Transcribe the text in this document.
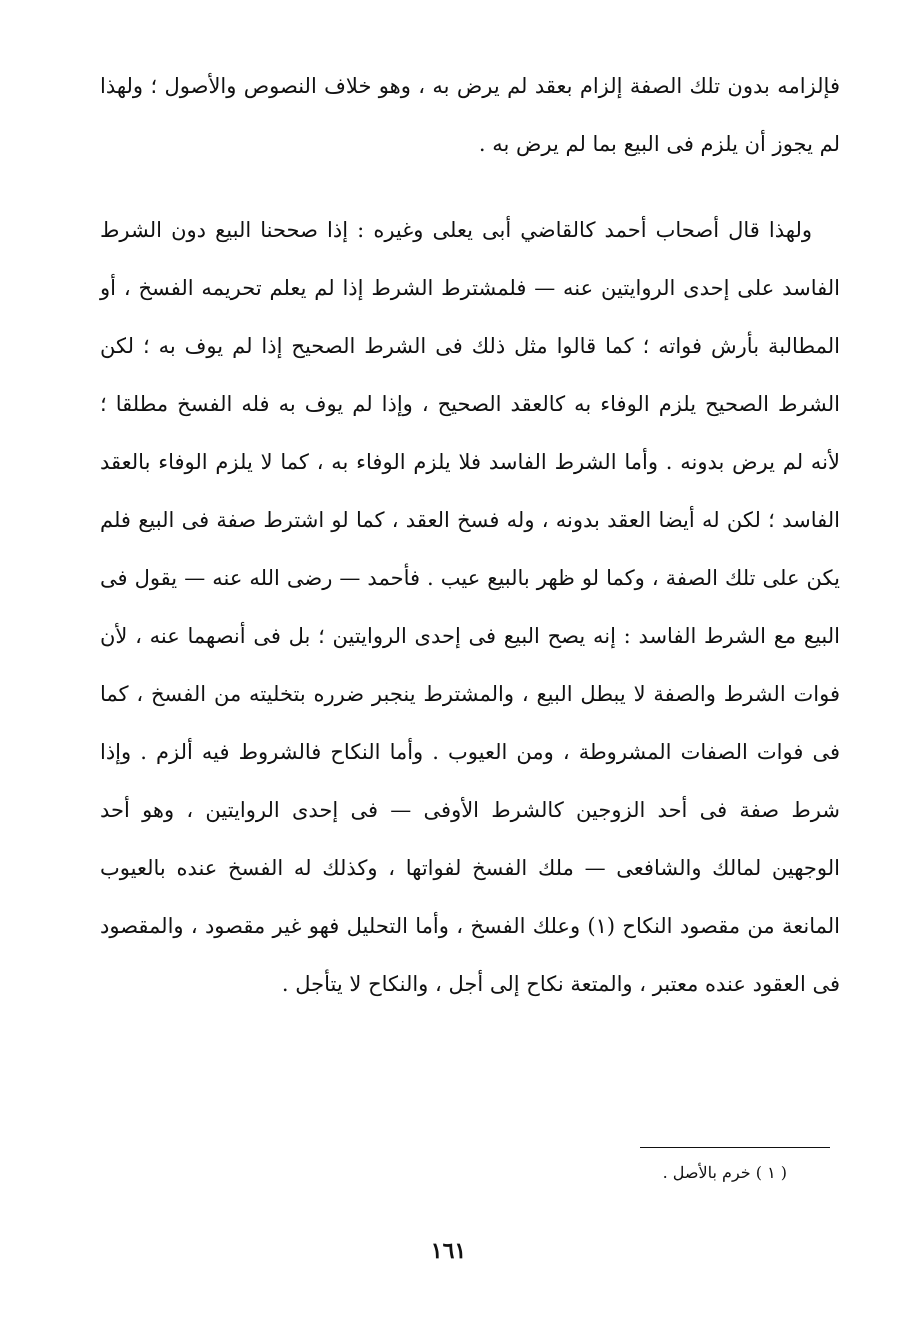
فإلزامه بدون تلك الصفة إلزام بعقد لم يرض به ، وهو خلاف النصوص والأصول ؛ ولهذا لم يجوز أن يلزم فى البيع بما لم يرض به .
ولهذا قال أصحاب أحمد كالقاضي أبى يعلى وغيره : إذا صححنا البيع دون الشرط الفاسد على إحدى الروايتين عنه — فلمشترط الشرط إذا لم يعلم تحريمه الفسخ ، أو المطالبة بأرش فواته ؛ كما قالوا مثل ذلك فى الشرط الصحيح إذا لم يوف به ؛ لكن الشرط الصحيح يلزم الوفاء به كالعقد الصحيح ، وإذا لم يوف به فله الفسخ مطلقا ؛ لأنه لم يرض بدونه . وأما الشرط الفاسد فلا يلزم الوفاء به ، كما لا يلزم الوفاء بالعقد الفاسد ؛ لكن له أيضا العقد بدونه ، وله فسخ العقد ، كما لو اشترط صفة فى البيع فلم يكن على تلك الصفة ، وكما لو ظهر بالبيع عيب . فأحمد — رضى الله عنه — يقول فى البيع مع الشرط الفاسد : إنه يصح البيع فى إحدى الروايتين ؛ بل فى أنصهما عنه ، لأن فوات الشرط والصفة لا يبطل البيع ، والمشترط ينجبر ضرره بتخليته من الفسخ ، كما فى فوات الصفات المشروطة ، ومن العيوب . وأما النكاح فالشروط فيه ألزم . وإذا شرط صفة فى أحد الزوجين كالشرط الأوفى — فى إحدى الروايتين ، وهو أحد الوجهين لمالك والشافعى — ملك الفسخ لفواتها ، وكذلك له الفسخ عنده بالعيوب المانعة من مقصود النكاح (١) وعلك الفسخ ، وأما التحليل فهو غير مقصود ، والمقصود فى العقود عنده معتبر ، والمتعة نكاح إلى أجل ، والنكاح لا يتأجل .
( ١ ) خرم بالأصل .
١٦١
